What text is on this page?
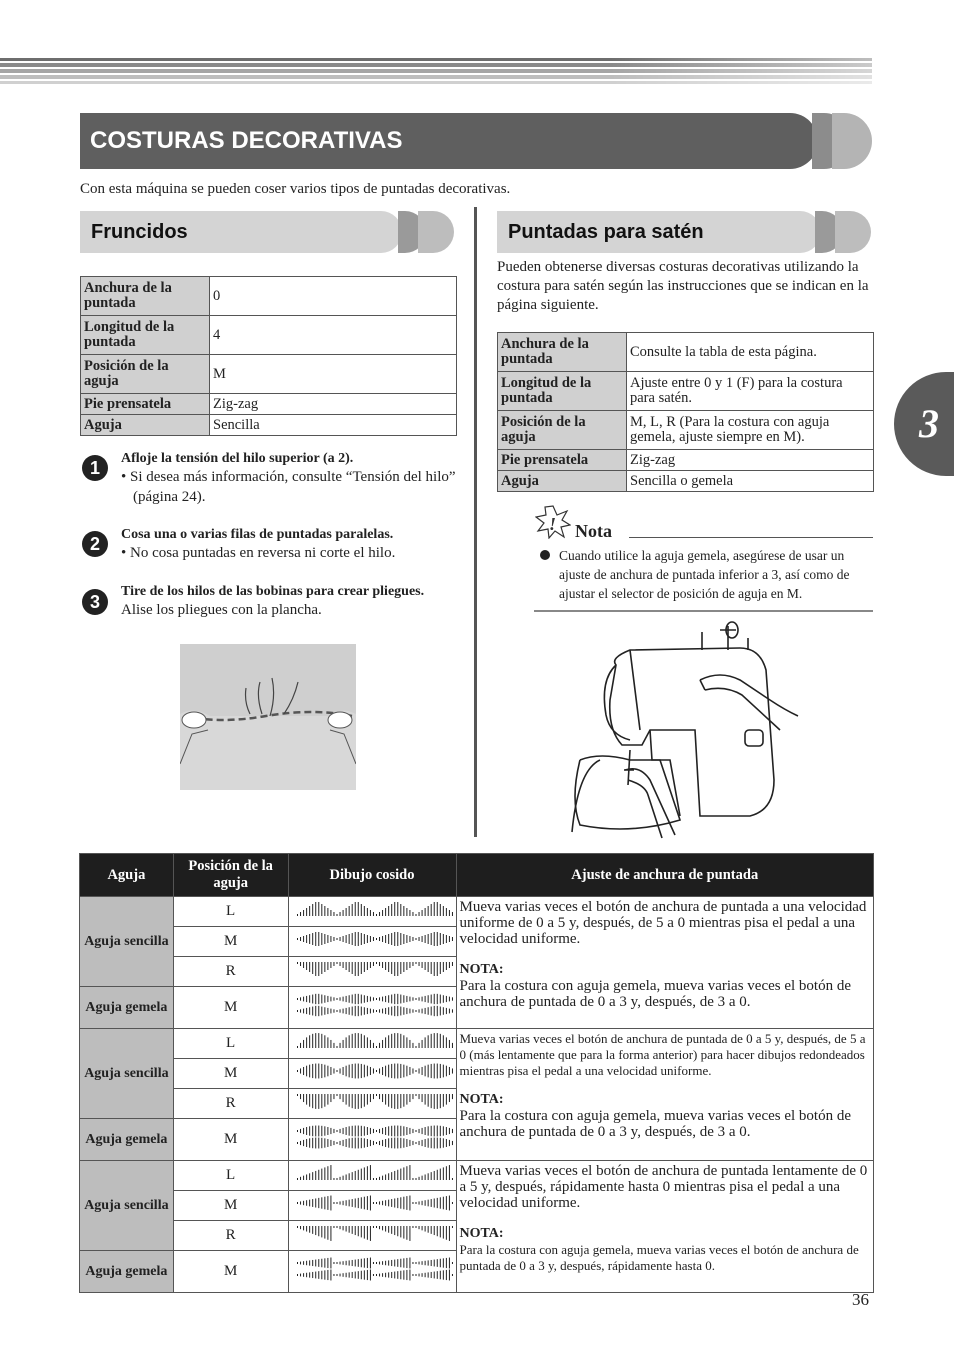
COSTURAS DECORATIVAS
Con esta máquina se pueden coser varios tipos de puntadas decorativas.
Fruncidos
Anchura de la puntada	0
Longitud de la puntada	4
Posición de la aguja	M
Pie prensatela	Zig-zag
Aguja	Sencilla
1	Afloje la tensión del hilo superior (a 2).
• Si desea más información, consulte “Tensión del hilo” (página 24).
2	Cosa una o varias filas de puntadas paralelas.
• No cosa puntadas en reversa ni corte el hilo.
3
Tire de los hilos de las bobinas para crear pliegues.
Alise los pliegues con la plancha.
Puntadas para satén
Pueden obtenerse diversas costuras decorativas utilizando la costura para satén según las instrucciones que se indican en la página siguiente.
Anchura de la puntada	Consulte la tabla de esta página.
Longitud de la puntada	Ajuste entre 0 y 1 (F) para la costura para satén.
Posición de la aguja	M, L, R (Para la costura con aguja gemela, ajuste siempre en M).
Pie prensatela	Zig-zag
Aguja	Sencilla o gemela
! Nota
Cuando utilice la aguja gemela, asegúrese de usar un ajuste de anchura de puntada inferior a 3, así como de ajustar el selector de posición de aguja en M.
3
Aguja	Posición de la aguja	Dibujo cosido	Ajuste de anchura de puntada
Aguja sencilla	L		Mueva varias veces el botón de anchura de puntada a una velocidad uniforme de 0 a 5 y, después, de 5 a 0 mientras pisa el pedal a una velocidad uniforme.
NOTA:
Para la costura con aguja gemela, mueva varias veces el botón de anchura de puntada de 0 a 3 y, después, de 3 a 0.

	M	
	R	
Aguja gemela	M	
Aguja sencilla	L		Mueva varias veces el botón de anchura de puntada de 0 a 5 y, después, de 5 a 0 (más lentamente que para la forma anterior) para hacer dibujos redondeados mientras pisa el pedal a una velocidad uniforme.
NOTA:
Para la costura con aguja gemela, mueva varias veces el botón de anchura de puntada de 0 a 3 y, después, de 3 a 0.

	M	
	R	
Aguja gemela	M	
Aguja sencilla	L		Mueva varias veces el botón de anchura de puntada lentamente de 0 a 5 y, después, rápidamente hasta 0 mientras pisa el pedal a una velocidad uniforme.
NOTA:
Para la costura con aguja gemela, mueva varias veces el botón de anchura de puntada de 0 a 3 y, después, rápidamente hasta 0.

	M	
	R	
Aguja gemela	M	
36
